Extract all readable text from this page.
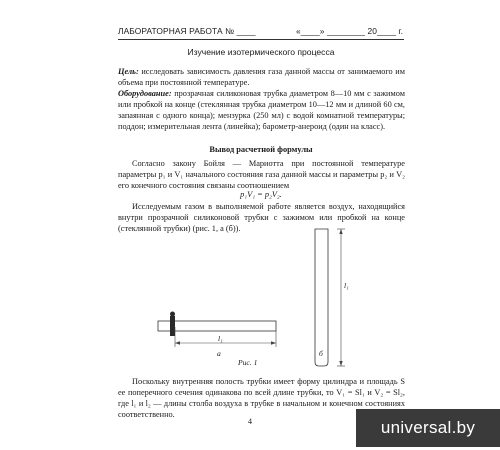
ЛАБОРАТОРНАЯ РАБОТА № ____	«____» ________ 20____ г.
Изучение изотермического процесса
Цель: исследовать зависимость давления газа данной массы от занимаемого им объема при постоянной температуре.
Оборудование: прозрачная силиконовая трубка диаметром 8—10 мм с зажимом или пробкой на конце (стеклянная трубка диаметром 10—12 мм и длиной 60 см, запаянная с одного конца); мензурка (250 мл) с водой комнатной температуры; поддон; измерительная лента (линейка); барометр-анероид (один на класс).
Вывод расчетной формулы
Согласно закону Бойля — Мариотта при постоянной температуре параметры p₁ и V₁ начального состояния газа данной массы и параметры p₂ и V₂ его конечного состояния связаны соотношением
p₁V₁ = p₂V₂.
Исследуемым газом в выполняемой работе является воздух, находящийся внутри прозрачной силиконовой трубки с зажимом или пробкой на конце (стеклянной трубки) (рис. 1, а (б)).
l₁
а
l₁
б
Рис. 1
Поскольку внутренняя полость трубки имеет форму цилиндра и площадь S ее поперечного сечения одинакова по всей длине трубки, то V₁ = Sl₁ и V₂ = Sl₂, где l₁ и l₂ — длины столба воздуха в трубке в начальном и конечном состояниях соответственно.
4	universal.by
